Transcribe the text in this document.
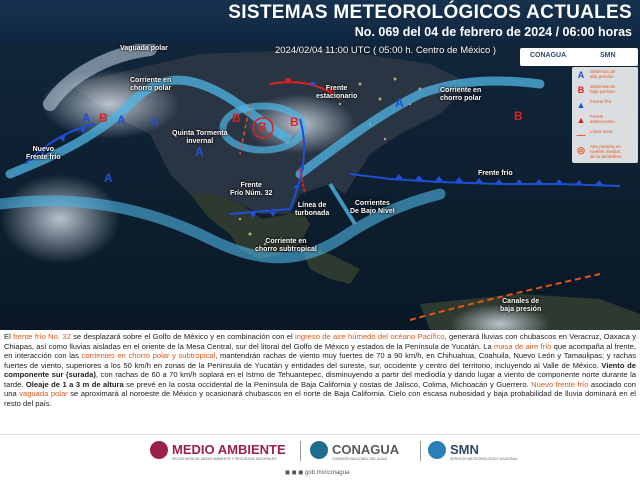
SISTEMAS METEOROLÓGICOS ACTUALES
No. 069 del 04 de febrero de 2024 / 06:00 horas
A A
A
A
A
A
B	B
B B	B
Vaguada polar
Corriente en
chorro polar	Frente
estacionario
Corriente en
chorro polar
Nuevo
Frente frío
Quinta Tormenta
invernal
Frente
Frío Núm. 32
Línea de
turbonada
Corrientes
De Bajo Nivel
Frente frío
Corriente en
chorro subtropical
Canales de
baja presión
2024/02/04 11:00 UTC ( 05:00 h. Centro de México )	CONAGUA	SMN
A	Sistemas de
alta presión
B	Sistemas de
baja presión
▲ Frente frío
▲ Frente
estacionario
— Línea seca
◎	Alta presión en
niveles medios
de la atmósfera

El frente frío No. 32 se desplazará sobre el Golfo de México y en combinación con el ingreso de aire húmedo del océano Pacífico, generará lluvias con chubascos en Veracruz, Oaxaca y Chiapas, así como lluvias aisladas en el oriente de la Mesa Central, sur del litoral del Golfo de México y estados de la Península de Yucatán. La masa de aire frío que acompaña al frente, en interacción con las corrientes en chorro polar y subtropical, mantendrán rachas de viento muy fuertes de 70 a 90 km/h, en Chihuahua, Coahuila, Nuevo León y Tamaulipas; y rachas fuertes de viento, superiores a los 50 km/h en zonas de la Península de Yucatán y entidades del sureste, sur, occidente y centro del territorio, incluyendo al Valle de México. Viento de componente sur (surada), con rachas de 60 a 70 km/h soplará en el Istmo de Tehuantepec, disminuyendo a partir del mediodía y dando lugar a viento de componente norte durante la tarde. Oleaje de 1 a 3 m de altura se prevé en la costa occidental de la Península de Baja California y costas de Jalisco, Colima, Michoacán y Guerrero. Nuevo frente frío asociado con una vaguada polar se aproximará al noroeste de México y ocasionará chubascos en el norte de Baja California. Cielo con escasa nubosidad y baja probabilidad de lluvia dominará en el resto del país.

MEDIO AMBIENTE
SECRETARÍA DE MEDIO AMBIENTE Y RECURSOS NATURALES
CONAGUA
COMISIÓN NACIONAL DEL AGUA
SMN
SERVICIO METEOROLÓGICO NACIONAL
◼ ◼ ◼ gob.mx/conagua
